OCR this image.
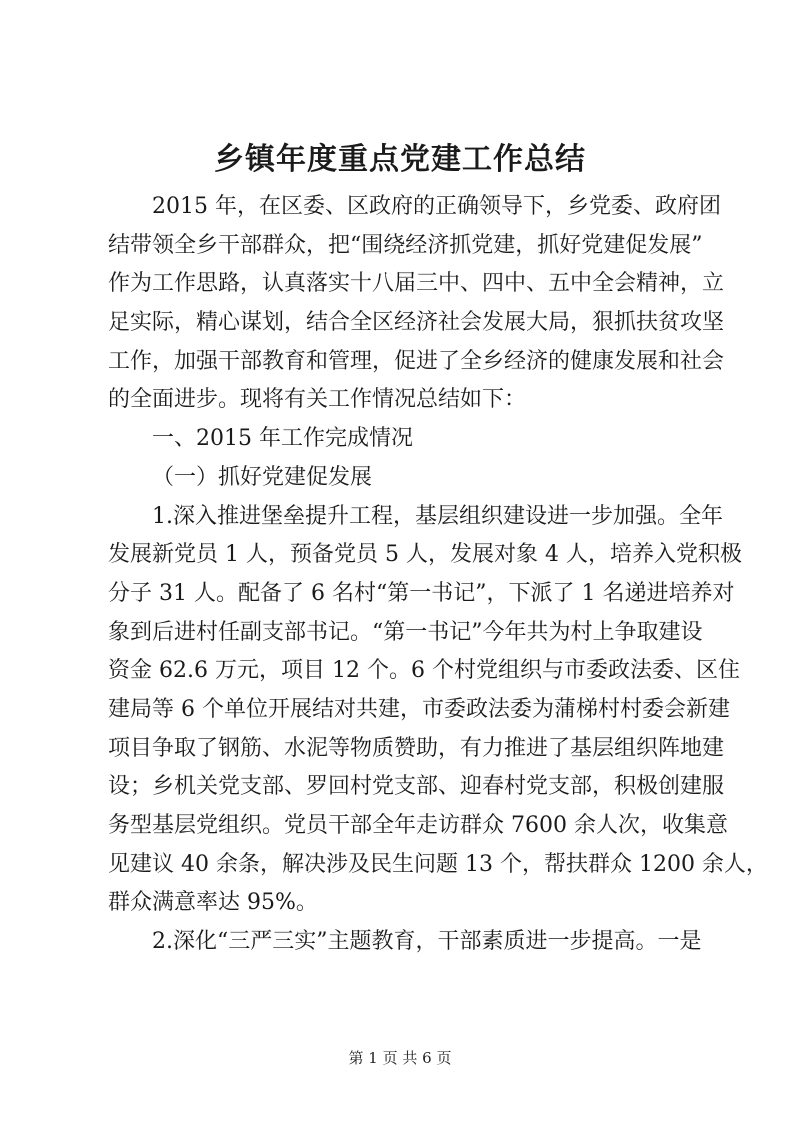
乡镇年度重点党建工作总结
2015 年，在区委、区政府的正确领导下，乡党委、政府团
结带领全乡干部群众，把“围绕经济抓党建，抓好党建促发展”
作为工作思路，认真落实十八届三中、四中、五中全会精神，立
足实际，精心谋划，结合全区经济社会发展大局，狠抓扶贫攻坚
工作，加强干部教育和管理，促进了全乡经济的健康发展和社会
的全面进步。现将有关工作情况总结如下：
一、2015 年工作完成情况
（一）抓好党建促发展
1.深入推进堡垒提升工程，基层组织建设进一步加强。全年
发展新党员 1 人，预备党员 5 人，发展对象 4 人，培养入党积极
分子 31 人。配备了 6 名村“第一书记”，下派了 1 名递进培养对
象到后进村任副支部书记。“第一书记”今年共为村上争取建设
资金 62.6 万元，项目 12 个。6 个村党组织与市委政法委、区住
建局等 6 个单位开展结对共建，市委政法委为蒲梯村村委会新建
项目争取了钢筋、水泥等物质赞助，有力推进了基层组织阵地建
设；乡机关党支部、罗回村党支部、迎春村党支部，积极创建服
务型基层党组织。党员干部全年走访群众 7600 余人次，收集意
见建议 40 余条，解决涉及民生问题 13 个，帮扶群众 1200 余人，
群众满意率达 95%。
2.深化“三严三实”主题教育，干部素质进一步提高。一是
第 1 页 共 6 页
